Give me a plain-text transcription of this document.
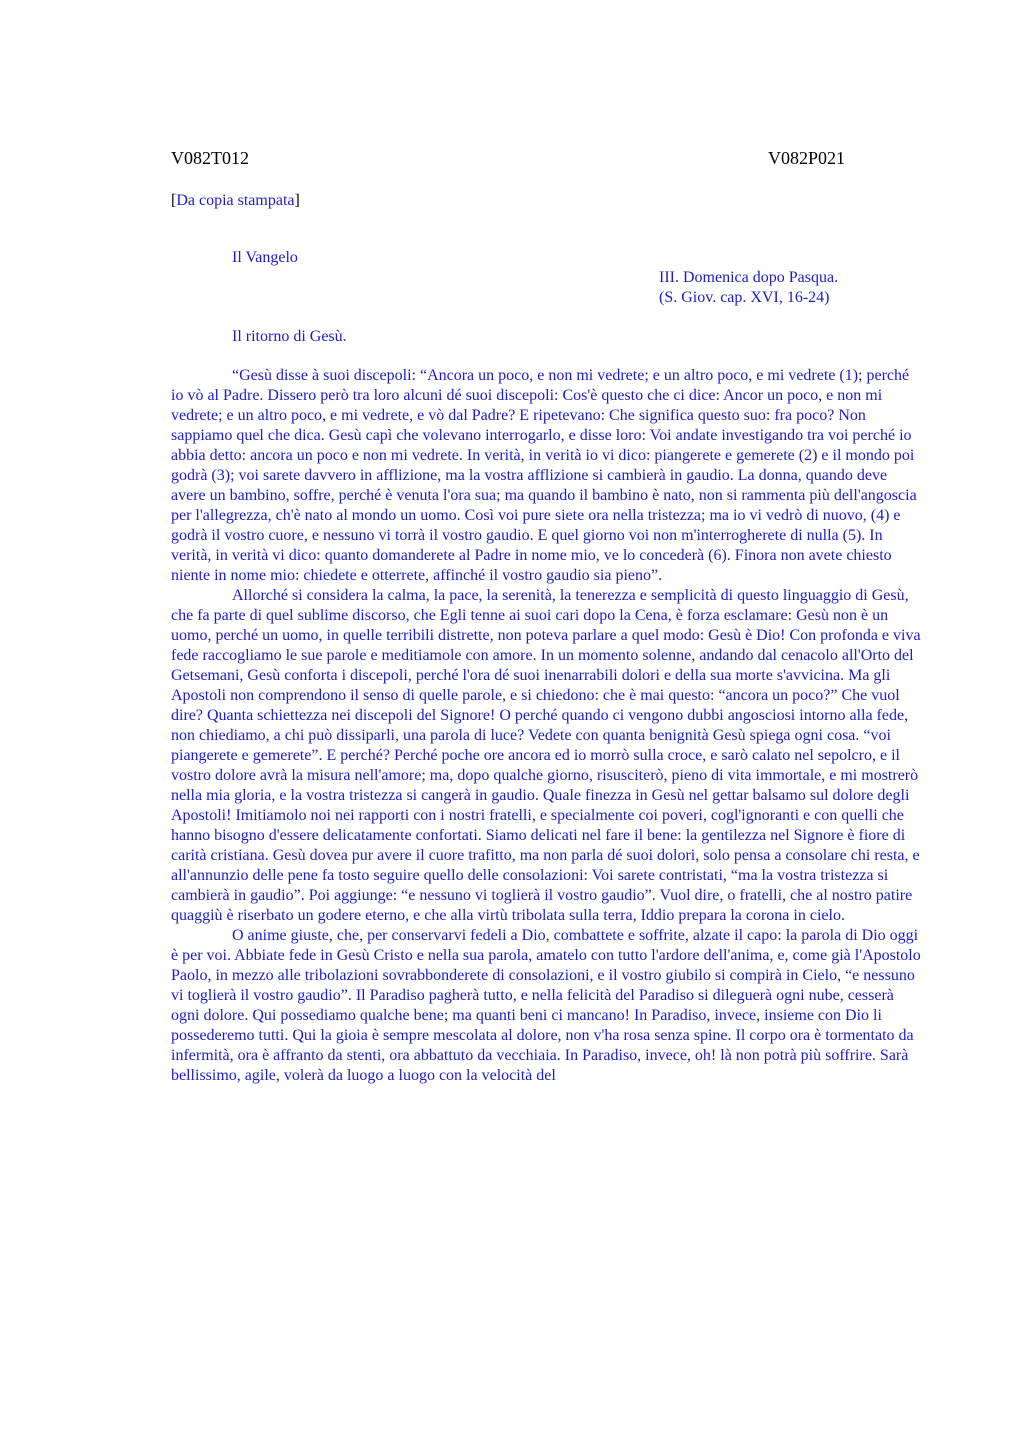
V082T012	V082P021
[Da copia stampata]
Il Vangelo
III. Domenica dopo Pasqua.
(S. Giov. cap. XVI, 16-24)
Il ritorno di Gesù.

“Gesù disse à suoi discepoli: “Ancora un poco, e non mi vedrete; e un altro poco, e mi vedrete (1); perché io vò al Padre. Dissero però tra loro alcuni dé suoi discepoli: Cos'è questo che ci dice: Ancor un poco, e non mi vedrete; e un altro poco, e mi vedrete, e vò dal Padre? E ripetevano: Che significa questo suo: fra poco? Non sappiamo quel che dica. Gesù capì che volevano interrogarlo, e disse loro: Voi andate investigando tra voi perché io abbia detto: ancora un poco e non mi vedrete. In verità, in verità io vi dico: piangerete e gemerete (2) e il mondo poi godrà (3); voi sarete davvero in afflizione, ma la vostra afflizione si cambierà in gaudio. La donna, quando deve avere un bambino, soffre, perché è venuta l'ora sua; ma quando il bambino è nato, non si rammenta più dell'angoscia per l'allegrezza, ch'è nato al mondo un uomo. Così voi pure siete ora nella tristezza; ma io vi vedrò di nuovo, (4) e godrà il vostro cuore, e nessuno vi torrà il vostro gaudio. E quel giorno voi non m'interrogherete di nulla (5). In verità, in verità vi dico: quanto domanderete al Padre in nome mio, ve lo concederà (6). Finora non avete chiesto niente in nome mio: chiedete e otterrete, affinché il vostro gaudio sia pieno”.

Allorché si considera la calma, la pace, la serenità, la tenerezza e semplicità di questo linguaggio di Gesù, che fa parte di quel sublime discorso, che Egli tenne ai suoi cari dopo la Cena, è forza esclamare: Gesù non è un uomo, perché un uomo, in quelle terribili distrette, non poteva parlare a quel modo: Gesù è Dio! Con profonda e viva fede raccogliamo le sue parole e meditiamole con amore. In un momento solenne, andando dal cenacolo all'Orto del Getsemani, Gesù conforta i discepoli, perché l'ora dé suoi inenarrabili dolori e della sua morte s'avvicina. Ma gli Apostoli non comprendono il senso di quelle parole, e si chiedono: che è mai questo: “ancora un poco?” Che vuol dire? Quanta schiettezza nei discepoli del Signore! O perché quando ci vengono dubbi angosciosi intorno alla fede, non chiediamo, a chi può dissiparli, una parola di luce? Vedete con quanta benignità Gesù spiega ogni cosa. “voi piangerete e gemerete”. E perché? Perché poche ore ancora ed io morrò sulla croce, e sarò calato nel sepolcro, e il vostro dolore avrà la misura nell'amore; ma, dopo qualche giorno, risusciterò, pieno di vita immortale, e mi mostrerò nella mia gloria, e la vostra tristezza si cangerà in gaudio. Quale finezza in Gesù nel gettar balsamo sul dolore degli Apostoli! Imitiamolo noi nei rapporti con i nostri fratelli, e specialmente coi poveri, cogl'ignoranti e con quelli che hanno bisogno d'essere delicatamente confortati. Siamo delicati nel fare il bene: la gentilezza nel Signore è fiore di carità cristiana. Gesù dovea pur avere il cuore trafitto, ma non parla dé suoi dolori, solo pensa a consolare chi resta, e all'annunzio delle pene fa tosto seguire quello delle consolazioni: Voi sarete contristati, “ma la vostra tristezza si cambierà in gaudio”. Poi aggiunge: “e nessuno vi toglierà il vostro gaudio”. Vuol dire, o fratelli, che al nostro patire quaggiù è riserbato un godere eterno, e che alla virtù tribolata sulla terra, Iddio prepara la corona in cielo.

O anime giuste, che, per conservarvi fedeli a Dio, combattete e soffrite, alzate il capo: la parola di Dio oggi è per voi. Abbiate fede in Gesù Cristo e nella sua parola, amatelo con tutto l'ardore dell'anima, e, come già l'Apostolo Paolo, in mezzo alle tribolazioni sovrabbonderete di consolazioni, e il vostro giubilo si compirà in Cielo, “e nessuno vi toglierà il vostro gaudio”. Il Paradiso pagherà tutto, e nella felicità del Paradiso si dileguerà ogni nube, cesserà ogni dolore. Qui possediamo qualche bene; ma quanti beni ci mancano! In Paradiso, invece, insieme con Dio li possederemo tutti. Qui la gioia è sempre mescolata al dolore, non v'ha rosa senza spine. Il corpo ora è tormentato da infermità, ora è affranto da stenti, ora abbattuto da vecchiaia. In Paradiso, invece, oh! là non potrà più soffrire. Sarà bellissimo, agile, volerà da luogo a luogo con la velocità del
